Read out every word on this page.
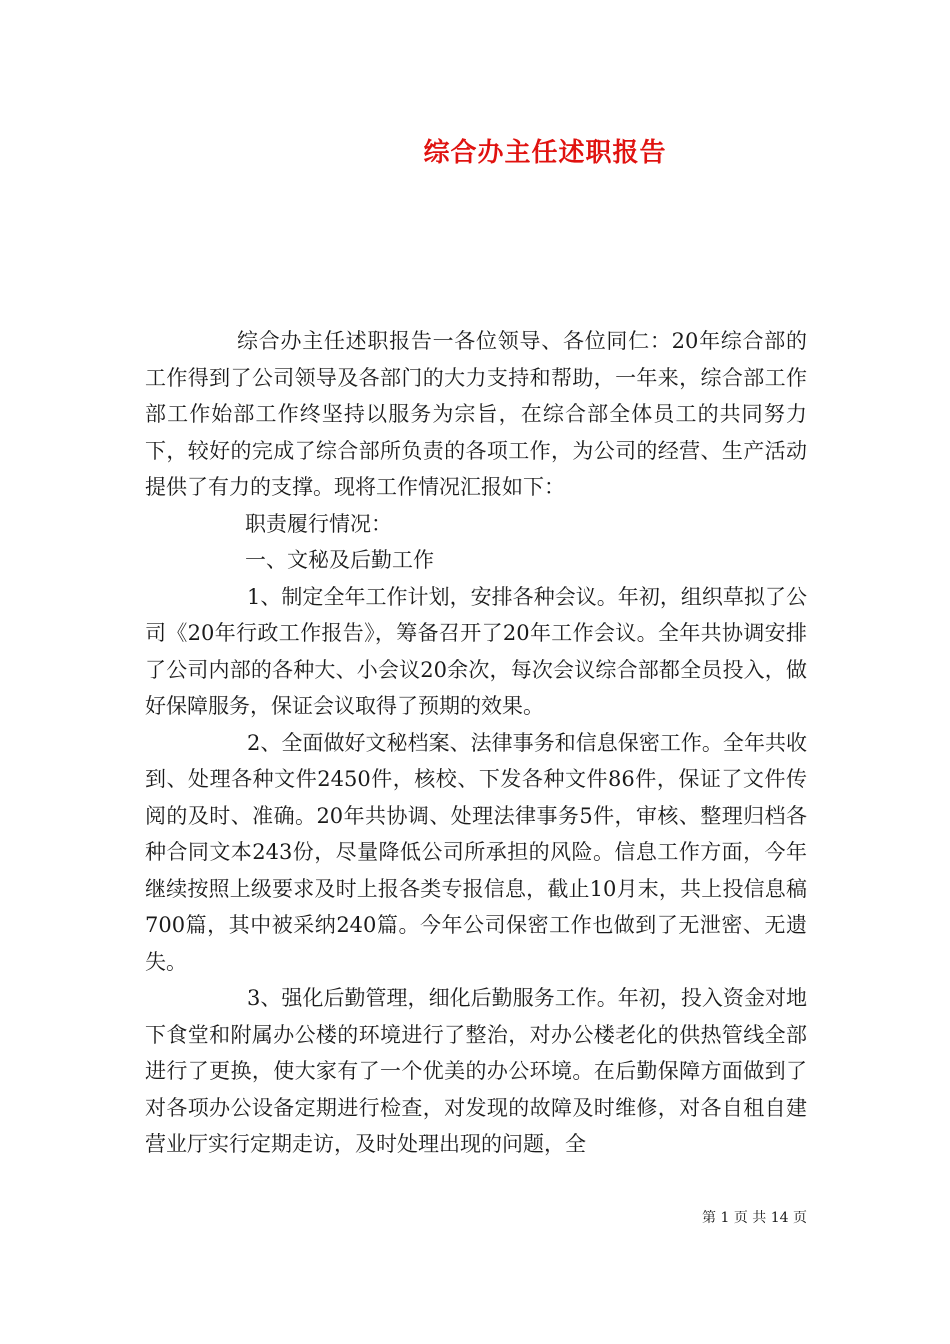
综合办主任述职报告

综合办主任述职报告一各位领导、各位同仁：20年综合部的工作得到了公司领导及各部门的大力支持和帮助，一年来，综合部工作部工作始部工作终坚持以服务为宗旨，在综合部全体员工的共同努力下，较好的完成了综合部所负责的各项工作，为公司的经营、生产活动提供了有力的支撑。现将工作情况汇报如下：

职责履行情况：

一、文秘及后勤工作

1、制定全年工作计划，安排各种会议。年初，组织草拟了公司《20年行政工作报告》，筹备召开了20年工作会议。全年共协调安排了公司内部的各种大、小会议20余次，每次会议综合部都全员投入，做好保障服务，保证会议取得了预期的效果。

2、全面做好文秘档案、法律事务和信息保密工作。全年共收到、处理各种文件2450件，核校、下发各种文件86件，保证了文件传阅的及时、准确。20年共协调、处理法律事务5件，审核、整理归档各种合同文本243份，尽量降低公司所承担的风险。信息工作方面，今年继续按照上级要求及时上报各类专报信息，截止10月末，共上投信息稿700篇，其中被采纳240篇。今年公司保密工作也做到了无泄密、无遗失。

3、强化后勤管理，细化后勤服务工作。年初，投入资金对地下食堂和附属办公楼的环境进行了整治，对办公楼老化的供热管线全部进行了更换，使大家有了一个优美的办公环境。在后勤保障方面做到了对各项办公设备定期进行检查，对发现的故障及时维修，对各自租自建营业厅实行定期走访，及时处理出现的问题，全

第 1 页 共 14 页
